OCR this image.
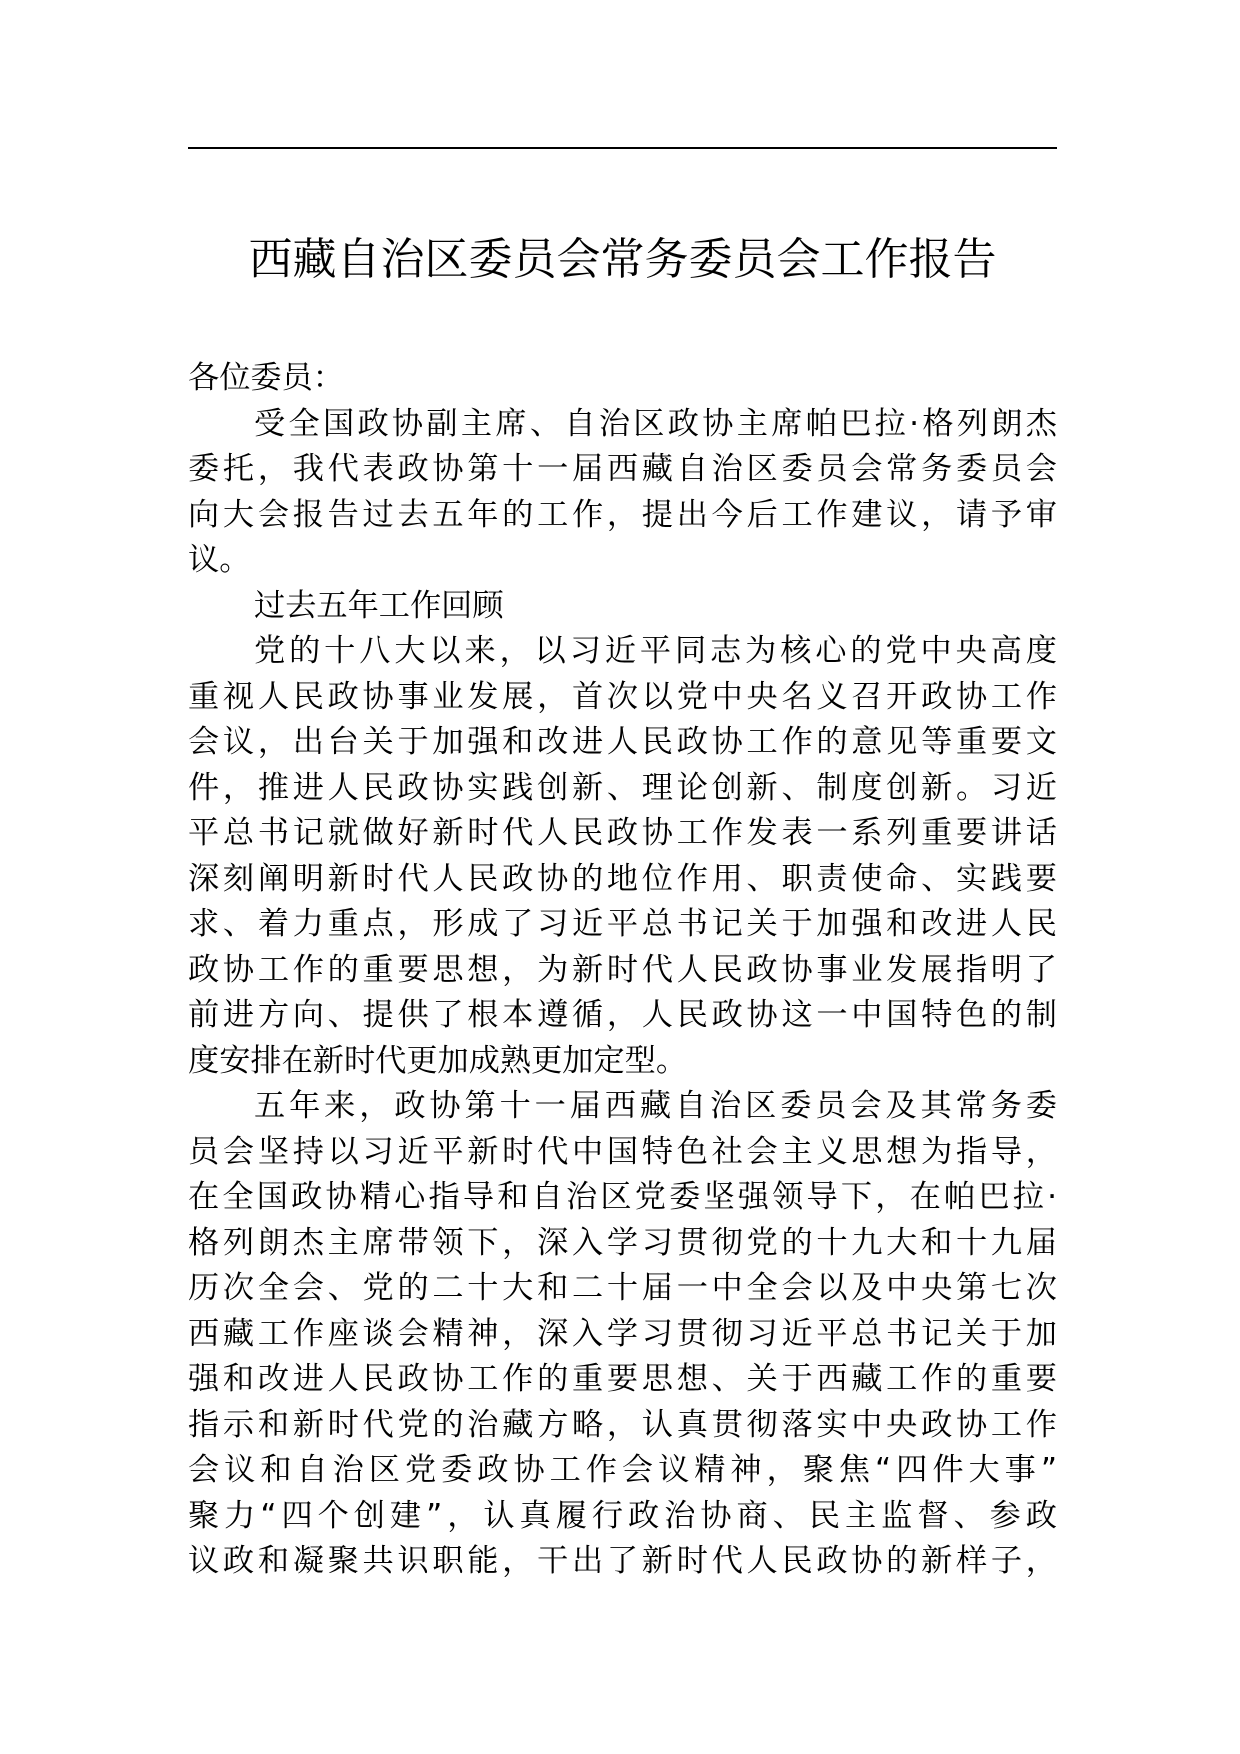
西藏自治区委员会常务委员会工作报告
各位委员：
受全国政协副主席、自治区政协主席帕巴拉·格列朗杰
委托，我代表政协第十一届西藏自治区委员会常务委员会
向大会报告过去五年的工作，提出今后工作建议，请予审
议。
过去五年工作回顾
党的十八大以来，以习近平同志为核心的党中央高度
重视人民政协事业发展，首次以党中央名义召开政协工作
会议，出台关于加强和改进人民政协工作的意见等重要文
件，推进人民政协实践创新、理论创新、制度创新。习近
平总书记就做好新时代人民政协工作发表一系列重要讲话
深刻阐明新时代人民政协的地位作用、职责使命、实践要
求、着力重点，形成了习近平总书记关于加强和改进人民
政协工作的重要思想，为新时代人民政协事业发展指明了
前进方向、提供了根本遵循，人民政协这一中国特色的制
度安排在新时代更加成熟更加定型。
五年来，政协第十一届西藏自治区委员会及其常务委
员会坚持以习近平新时代中国特色社会主义思想为指导，
在全国政协精心指导和自治区党委坚强领导下，在帕巴拉·
格列朗杰主席带领下，深入学习贯彻党的十九大和十九届
历次全会、党的二十大和二十届一中全会以及中央第七次
西藏工作座谈会精神，深入学习贯彻习近平总书记关于加
强和改进人民政协工作的重要思想、关于西藏工作的重要
指示和新时代党的治藏方略，认真贯彻落实中央政协工作
会议和自治区党委政协工作会议精神，聚焦“四件大事”
聚力“四个创建”，认真履行政治协商、民主监督、参政
议政和凝聚共识职能，干出了新时代人民政协的新样子，
